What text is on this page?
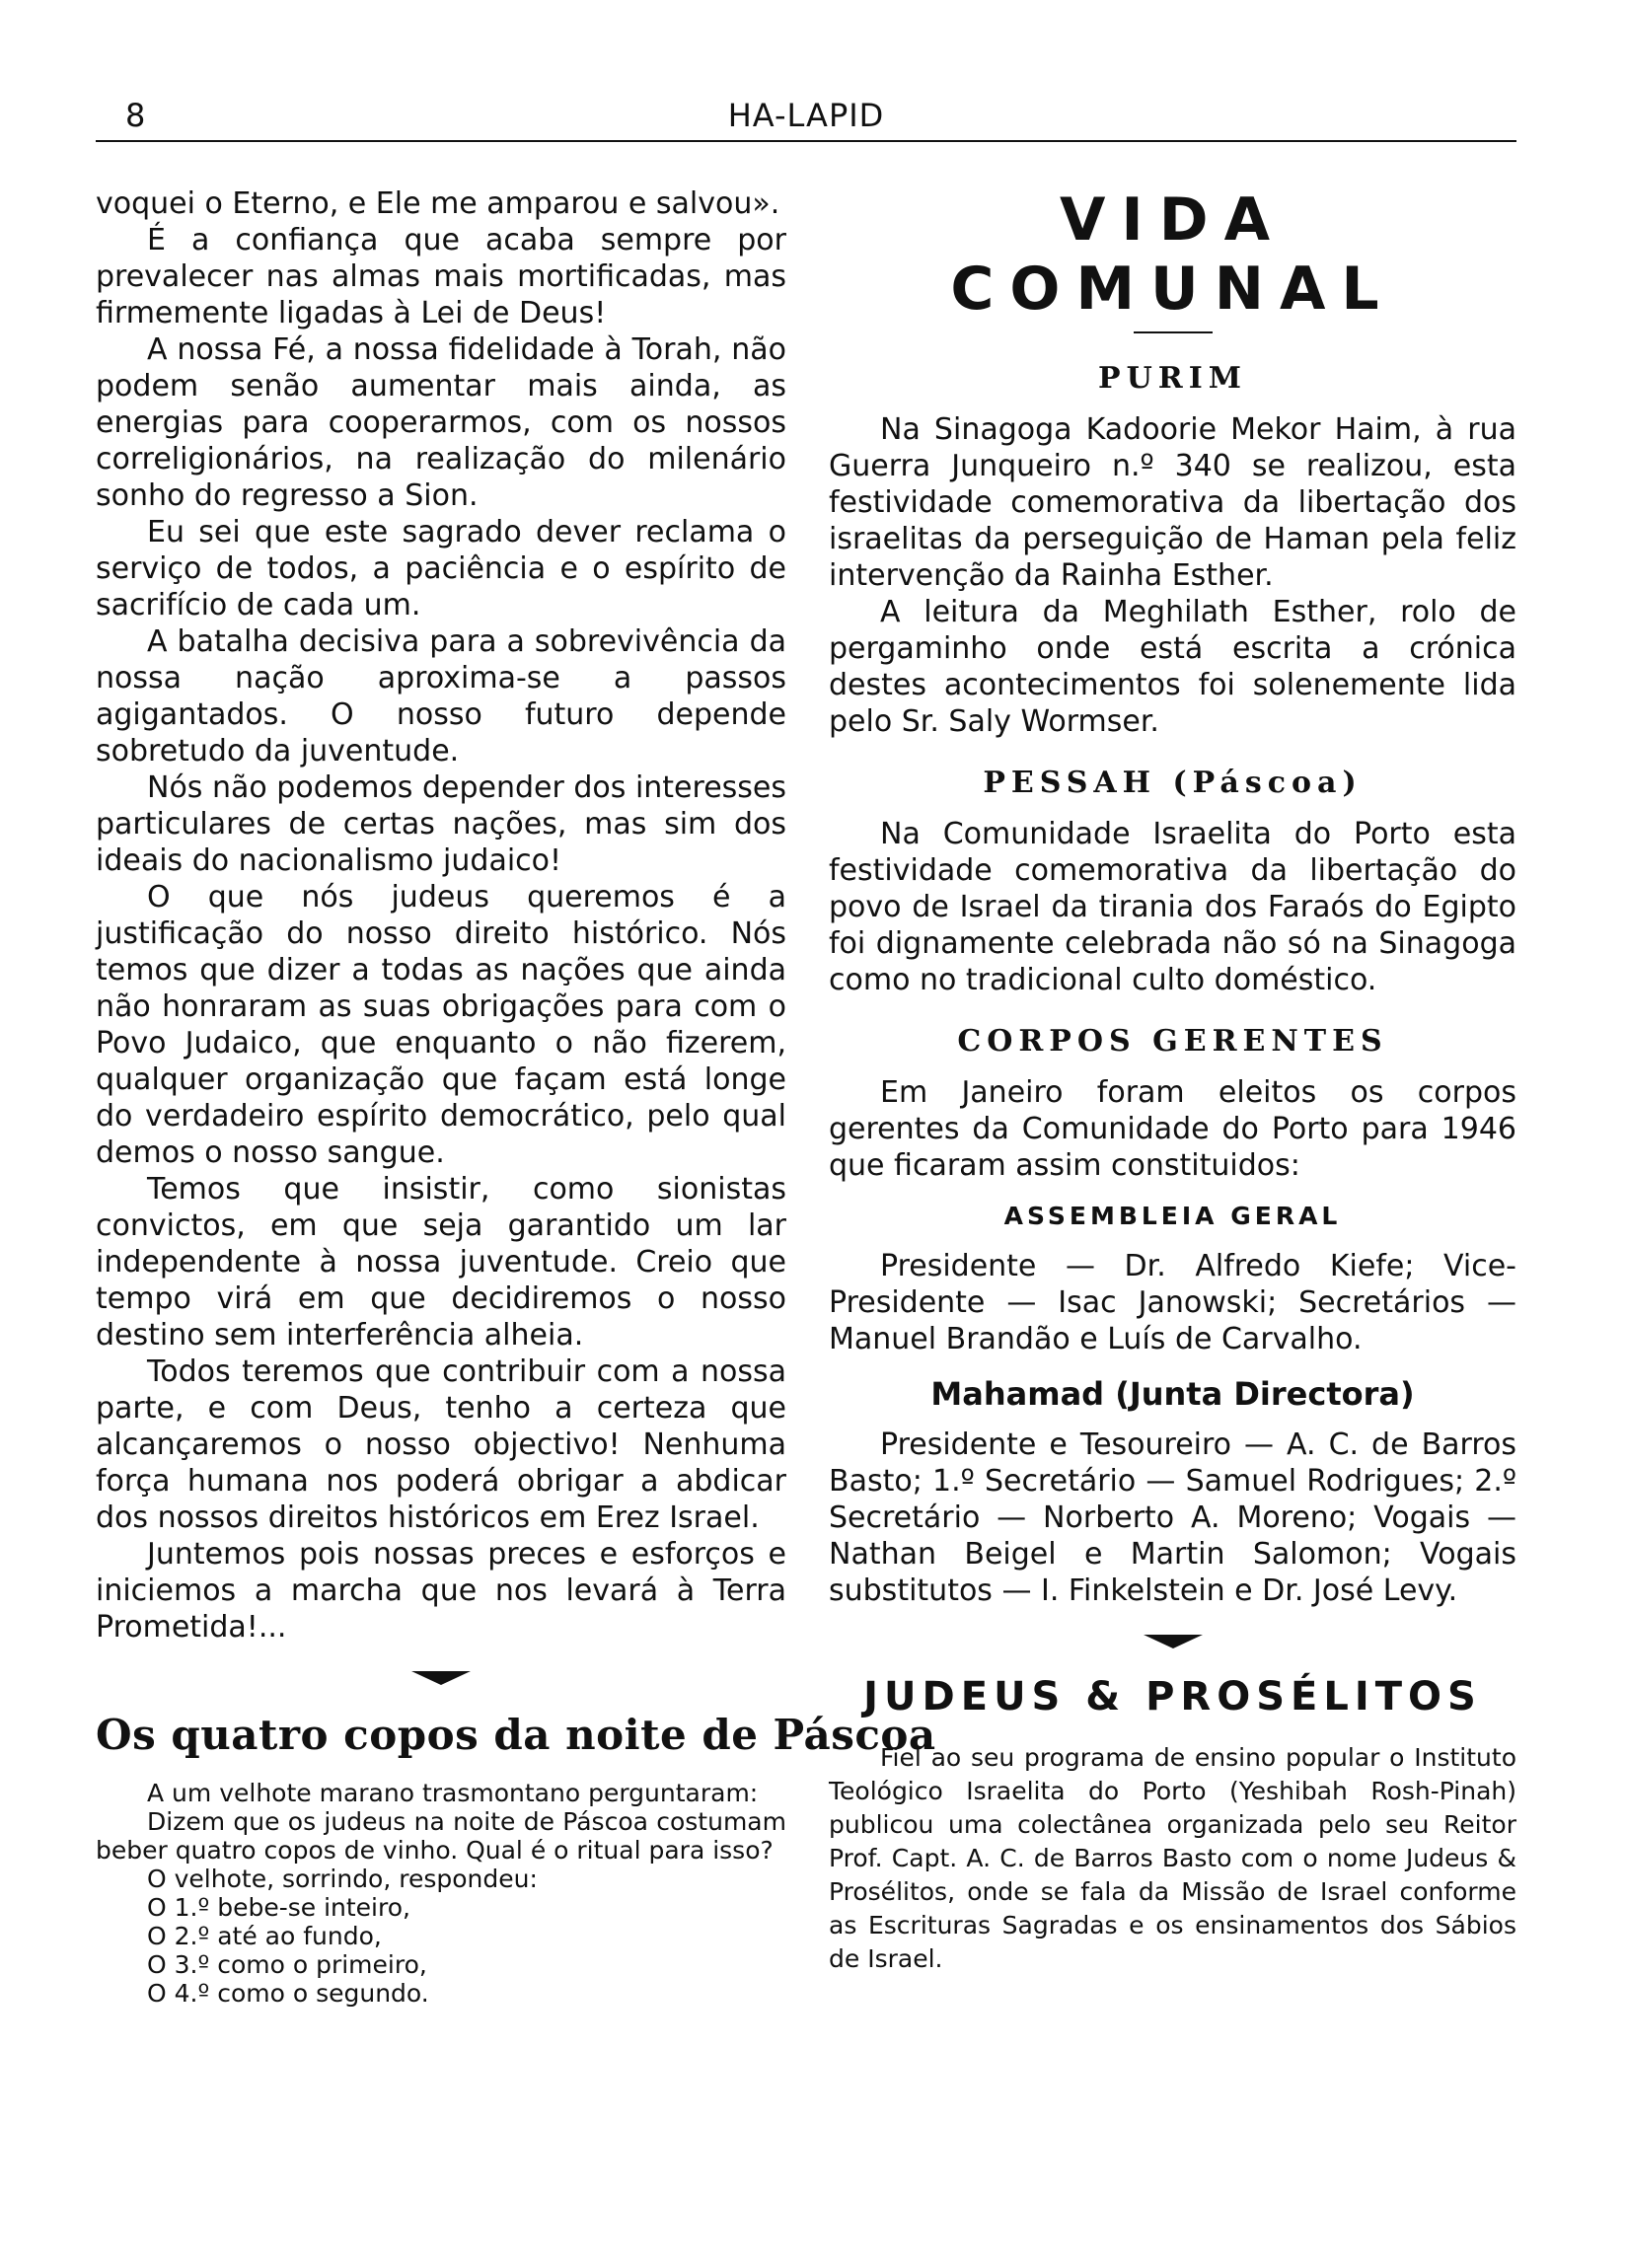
8	HA-LAPID

voquei o Eterno, e Ele me amparou e salvou».

É a confiança que acaba sempre por prevalecer nas almas mais mortificadas, mas firmemente ligadas à Lei de Deus!

A nossa Fé, a nossa fidelidade à Torah, não podem senão aumentar mais ainda, as energias para cooperarmos, com os nossos correligionários, na realização do milenário sonho do regresso a Sion.

Eu sei que este sagrado dever reclama o serviço de todos, a paciência e o espírito de sacrifício de cada um.

A batalha decisiva para a sobrevivência da nossa nação aproxima-se a passos agigantados. O nosso futuro depende sobretudo da juventude.

Nós não podemos depender dos interesses particulares de certas nações, mas sim dos ideais do nacionalismo judaico!

O que nós judeus queremos é a justificação do nosso direito histórico. Nós temos que dizer a todas as nações que ainda não honraram as suas obrigações para com o Povo Judaico, que enquanto o não fizerem, qualquer organização que façam está longe do verdadeiro espírito democrático, pelo qual demos o nosso sangue.

Temos que insistir, como sionistas convictos, em que seja garantido um lar independente à nossa juventude. Creio que tempo virá em que decidiremos o nosso destino sem interferência alheia.

Todos teremos que contribuir com a nossa parte, e com Deus, tenho a certeza que alcançaremos o nosso objectivo! Nenhuma força humana nos poderá obrigar a abdicar dos nossos direitos históricos em Erez Israel.

Juntemos pois nossas preces e esforços e iniciemos a marcha que nos levará à Terra Prometida!...

Os quatro copos da noite de Páscoa

A um velhote marano trasmontano perguntaram:

Dizem que os judeus na noite de Páscoa costumam beber quatro copos de vinho. Qual é o ritual para isso?

O velhote, sorrindo, respondeu:

O 1.º bebe-se inteiro,
O 2.º até ao fundo,
O 3.º como o primeiro,
O 4.º como o segundo.
VIDA COMUNAL
PURIM

Na Sinagoga Kadoorie Mekor Haim, à rua Guerra Junqueiro n.º 340 se realizou, esta festividade comemorativa da libertação dos israelitas da perseguição de Haman pela feliz intervenção da Rainha Esther.

A leitura da Meghilath Esther, rolo de pergaminho onde está escrita a crónica destes acontecimentos foi solenemente lida pelo Sr. Saly Wormser.

PESSAH (Páscoa)

Na Comunidade Israelita do Porto esta festividade comemorativa da libertação do povo de Israel da tirania dos Faraós do Egipto foi dignamente celebrada não só na Sinagoga como no tradicional culto doméstico.

CORPOS GERENTES

Em Janeiro foram eleitos os corpos gerentes da Comunidade do Porto para 1946 que ficaram assim constituidos:

ASSEMBLEIA GERAL

Presidente — Dr. Alfredo Kiefe; Vice-Presidente — Isac Janowski; Secretários — Manuel Brandão e Luís de Carvalho.

Mahamad (Junta Directora)

Presidente e Tesoureiro — A. C. de Barros Basto; 1.º Secretário — Samuel Rodrigues; 2.º Secretário — Norberto A. Moreno; Vogais — Nathan Beigel e Martin Salomon; Vogais substitutos — I. Finkelstein e Dr. José Levy.

JUDEUS & PROSÉLITOS

Fiel ao seu programa de ensino popular o Instituto Teológico Israelita do Porto (Yeshibah Rosh-Pinah) publicou uma colectânea organizada pelo seu Reitor Prof. Capt. A. C. de Barros Basto com o nome Judeus & Prosélitos, onde se fala da Missão de Israel conforme as Escrituras Sagradas e os ensinamentos dos Sábios de Israel.
